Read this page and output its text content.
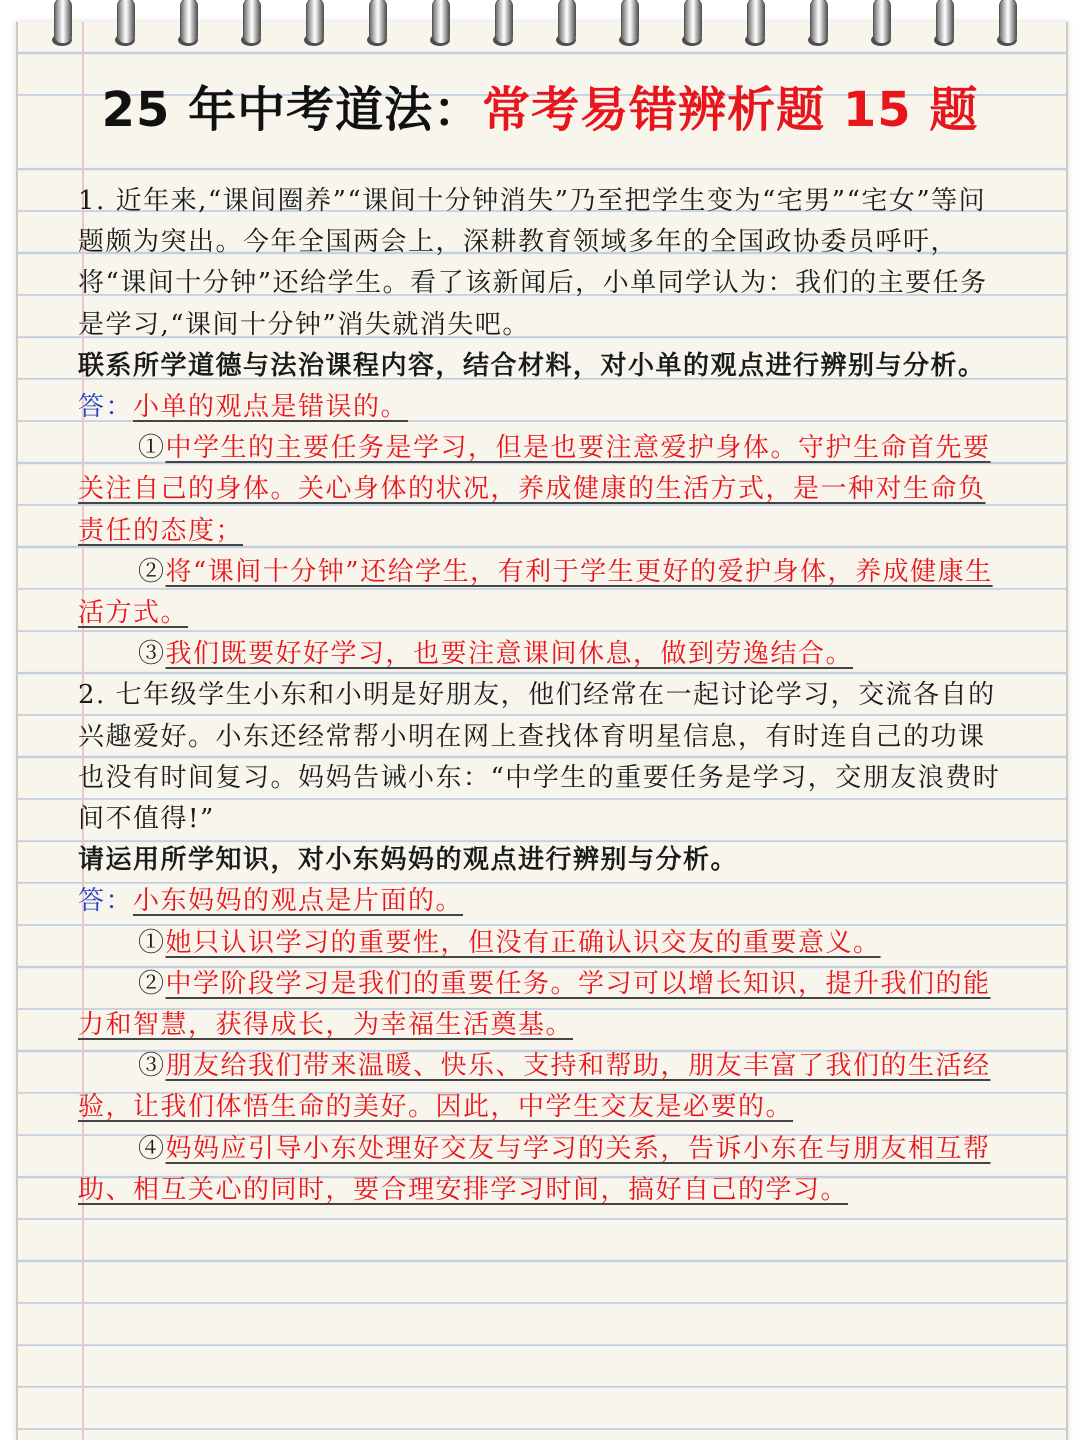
25 年中考道法：常考易错辨析题 15 题

1. 近年来,“课间圈养”“课间十分钟消失”乃至把学生变为“宅男”“宅女”等问题颇为突出。今年全国两会上，深耕教育领域多年的全国政协委员呼吁，将“课间十分钟”还给学生。看了该新闻后，小单同学认为：我们的主要任务是学习,“课间十分钟”消失就消失吧。

联系所学道德与法治课程内容，结合材料，对小单的观点进行辨别与分析。

答：小单的观点是错误的。

①中学生的主要任务是学习，但是也要注意爱护身体。守护生命首先要关注自己的身体。关心身体的状况，养成健康的生活方式，是一种对生命负责任的态度；

②将“课间十分钟”还给学生，有利于学生更好的爱护身体，养成健康生活方式。

③我们既要好好学习，也要注意课间休息，做到劳逸结合。

2. 七年级学生小东和小明是好朋友，他们经常在一起讨论学习，交流各自的兴趣爱好。小东还经常帮小明在网上查找体育明星信息，有时连自己的功课也没有时间复习。妈妈告诫小东：“中学生的重要任务是学习，交朋友浪费时间不值得!”

请运用所学知识，对小东妈妈的观点进行辨别与分析。

答：小东妈妈的观点是片面的。

①她只认识学习的重要性，但没有正确认识交友的重要意义。

②中学阶段学习是我们的重要任务。学习可以增长知识，提升我们的能力和智慧，获得成长，为幸福生活奠基。

③朋友给我们带来温暖、快乐、支持和帮助，朋友丰富了我们的生活经验，让我们体悟生命的美好。因此，中学生交友是必要的。

④妈妈应引导小东处理好交友与学习的关系，告诉小东在与朋友相互帮助、相互关心的同时，要合理安排学习时间，搞好自己的学习。
